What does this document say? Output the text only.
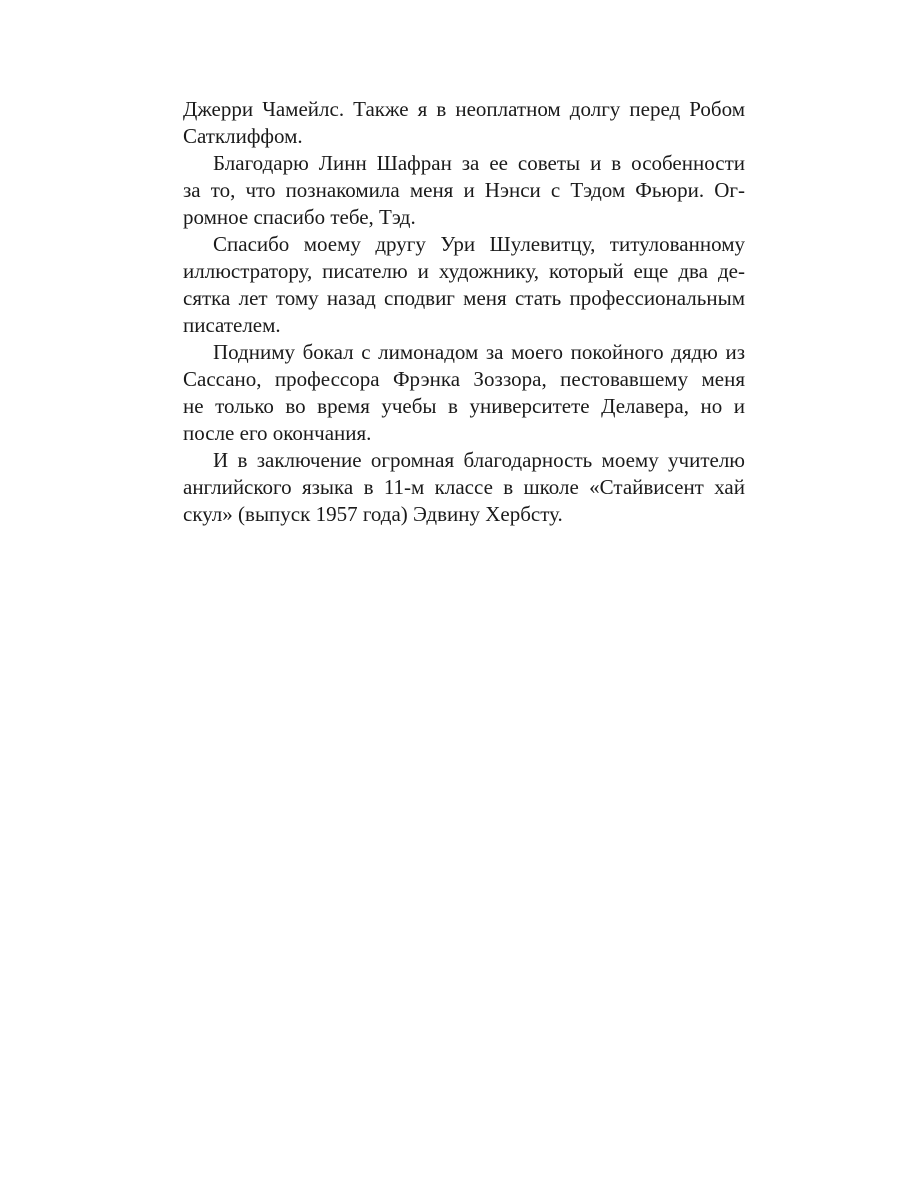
Джерри Чамейлс. Также я в неоплатном долгу перед Робом
Сатклиффом.
Благодарю Линн Шафран за ее советы и в особенности
за то, что познакомила меня и Нэнси с Тэдом Фьюри. Ог-
ромное спасибо тебе, Тэд.
Спасибо моему другу Ури Шулевитцу, титулованному
иллюстратору, писателю и художнику, который еще два де-
сятка лет тому назад сподвиг меня стать профессиональным
писателем.
Подниму бокал с лимонадом за моего покойного дядю из
Сассано, профессора Фрэнка Зоззора, пестовавшему меня
не только во время учебы в университете Делавера, но и
после его окончания.
И в заключение огромная благодарность моему учителю
английского языка в 11-м классе в школе «Стайвисент хай
скул» (выпуск 1957 года) Эдвину Хербсту.
